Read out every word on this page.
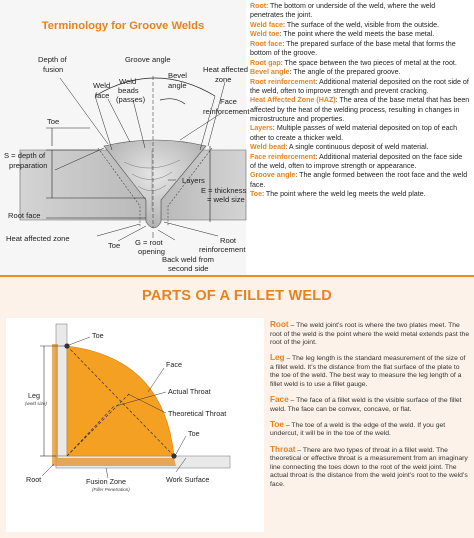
Depth of
fusion
Groove angle
Bevel
angle
Heat affected
zone
Weld
face
Weld
beads
(passes)	Face
reinforcement
Toe
S = depth of
preparation
Layers
E = thickness
= weld size
Root face
Heat affected zone
Toe G = root
opening
Root
reinforcement
Back weld from
second side
Terminology for Groove Welds

Root: The bottom or underside of the weld, where the weld penetrates the joint.

Weld face: The surface of the weld, visible from the outside.

Weld toe: The point where the weld meets the base metal.

Root face: The prepared surface of the base metal that forms the bottom of the groove.

Root gap: The space between the two pieces of metal at the root.

Bevel angle: The angle of the prepared groove.

Root reinforcement: Additional material deposited on the root side of the weld, often to improve strength and prevent cracking.

Heat Affected Zone (HAZ): The area of the base metal that has been affected by the heat of the welding process, resulting in changes in microstructure and properties.

Layers: Multiple passes of weld material deposited on top of each other to create a thicker weld.

Weld bead: A single continuous deposit of weld material.

Face reinforcement: Additional material deposited on the face side of the weld, often to improve strength or appearance.

Groove angle: The angle formed between the root face and the weld face.

Toe: The point where the weld leg meets the weld plate.

PARTS OF A FILLET WELD
Toe
Face
Actual Throat
Theoretical Throat
Toe
Leg
(weld size)
Root	Fusion Zone
(Filler Penetration)
Work Surface

Root – The weld joint’s root is where the two plates meet. The root of the weld is the point where the weld metal extends past the root of the joint.

Leg – The leg length is the standard measurement of the size of a fillet weld. It’s the distance from the flat surface of the plate to the toe of the weld. The best way to measure the leg length of a fillet weld is to use a fillet gauge.

Face – The face of a fillet weld is the visible surface of the fillet weld. The face can be convex, concave, or flat.

Toe – The toe of a weld is the edge of the weld. If you get undercut, it will be in the toe of the weld.

Throat – There are two types of throat in a fillet weld. The theoretical or effective throat is a measurement from an imaginary line connecting the toes down to the root of the weld joint. The actual throat is the distance from the weld joint’s root to the weld’s face.
